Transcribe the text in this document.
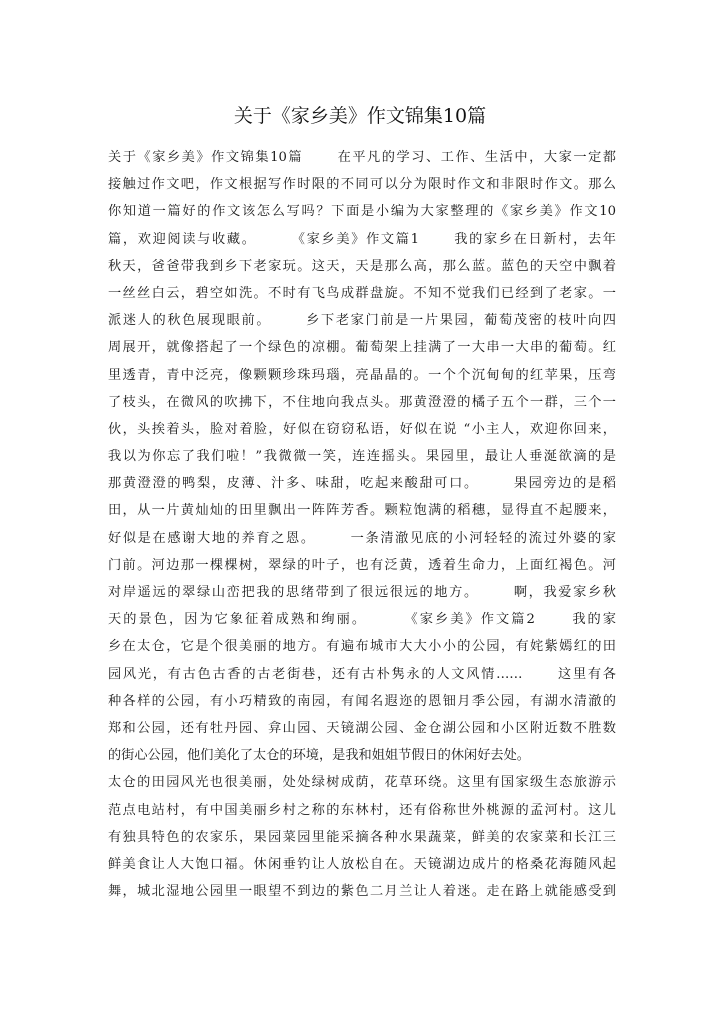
关于《家乡美》作文锦集10篇
关于《家乡美》作文锦集10篇      在平凡的学习、工作、生活中，大家一定都
接触过作文吧，作文根据写作时限的不同可以分为限时作文和非限时作文。那么
你知道一篇好的作文该怎么写吗？下面是小编为大家整理的《家乡美》作文10
篇，欢迎阅读与收藏。      《家乡美》作文篇1      我的家乡在日新村，去年
秋天，爸爸带我到乡下老家玩。这天，天是那么高，那么蓝。蓝色的天空中飘着
一丝丝白云，碧空如洗。不时有飞鸟成群盘旋。不知不觉我们已经到了老家。一
派迷人的秋色展现眼前。      乡下老家门前是一片果园，葡萄茂密的枝叶向四
周展开，就像搭起了一个绿色的凉棚。葡萄架上挂满了一大串一大串的葡萄。红
里透青，青中泛亮，像颗颗珍珠玛瑙，亮晶晶的。一个个沉甸甸的红苹果，压弯
了枝头，在微风的吹拂下，不住地向我点头。那黄澄澄的橘子五个一群，三个一
伙，头挨着头，脸对着脸，好似在窃窃私语，好似在说 “小主人，欢迎你回来，
我以为你忘了我们啦！”我微微一笑，连连摇头。果园里，最让人垂涎欲滴的是
那黄澄澄的鸭梨，皮薄、汁多、味甜，吃起来酸甜可口。      果园旁边的是稻
田，从一片黄灿灿的田里飘出一阵阵芳香。颗粒饱满的稻穗，显得直不起腰来，
好似是在感谢大地的养育之恩。      一条清澈见底的小河轻轻的流过外婆的家
门前。河边那一棵棵树，翠绿的叶子，也有泛黄，透着生命力，上面红褐色。河
对岸遥远的翠绿山峦把我的思绪带到了很远很远的地方。      啊，我爱家乡秋
天的景色，因为它象征着成熟和绚丽。      《家乡美》作文篇2      我的家
乡在太仓，它是个很美丽的地方。有遍布城市大大小小的公园，有姹紫嫣红的田
园风光，有古色古香的古老街巷，还有古朴隽永的人文风情……      这里有各
种各样的公园，有小巧精致的南园，有闻名遐迩的恩钿月季公园，有湖水清澈的
郑和公园，还有牡丹园、弇山园、天镜湖公园、金仓湖公园和小区附近数不胜数
的街心公园，他们美化了太仓的环境，是我和姐姐节假日的休闲好去处。
太仓的田园风光也很美丽，处处绿树成荫，花草环绕。这里有国家级生态旅游示
范点电站村，有中国美丽乡村之称的东林村，还有俗称世外桃源的孟河村。这儿
有独具特色的农家乐，果园菜园里能采摘各种水果蔬菜，鲜美的农家菜和长江三
鲜美食让人大饱口福。休闲垂钓让人放松自在。天镜湖边成片的格桑花海随风起
舞，城北湿地公园里一眼望不到边的紫色二月兰让人着迷。走在路上就能感受到
